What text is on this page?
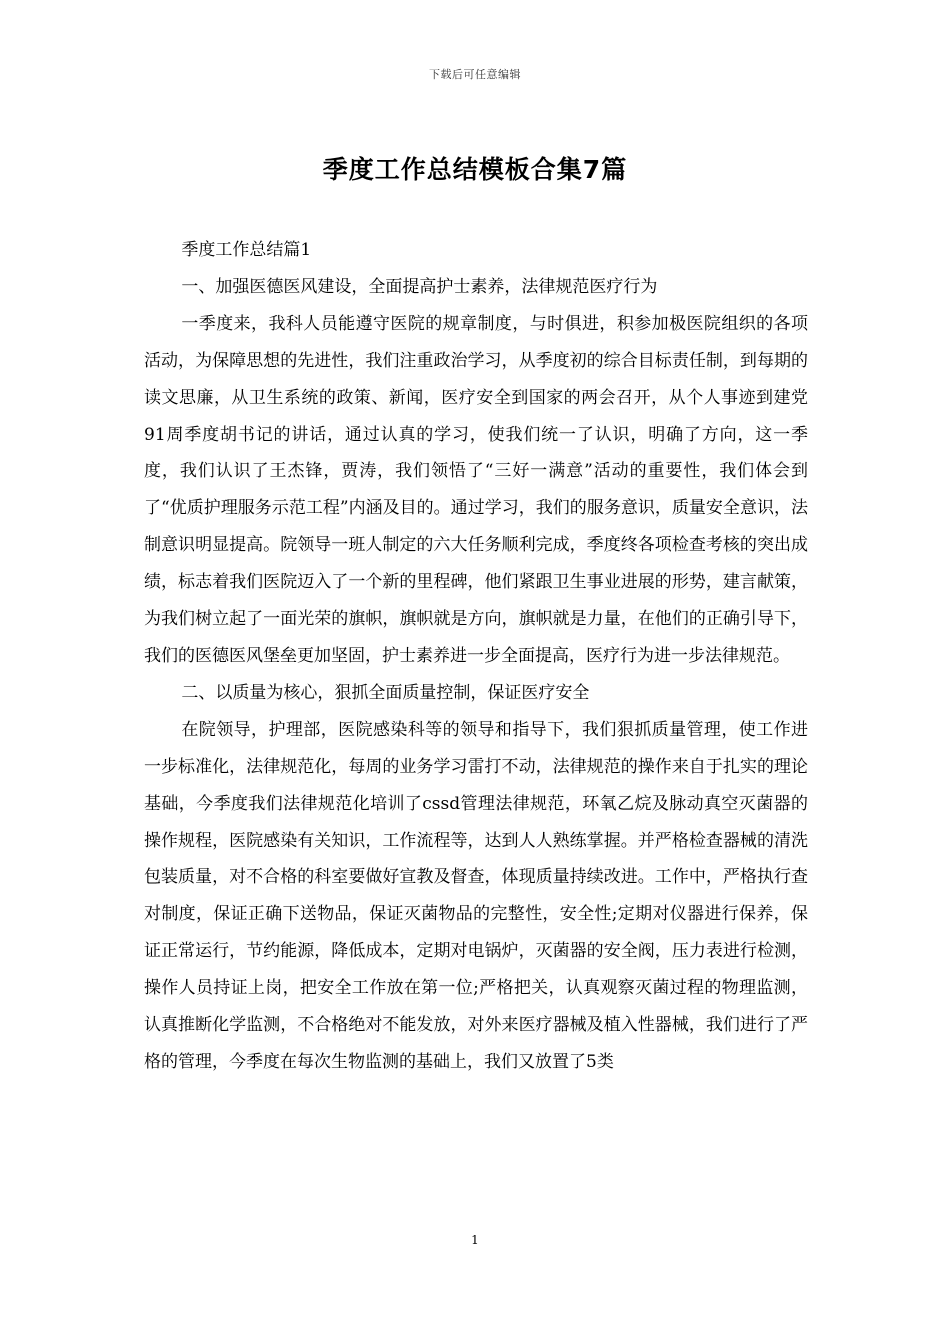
下载后可任意编辑
季度工作总结模板合集7篇

季度工作总结篇1

一、加强医德医风建设，全面提高护士素养，法律规范医疗行为

一季度来，我科人员能遵守医院的规章制度，与时俱进，积参加极医院组织的各项活动，为保障思想的先进性，我们注重政治学习，从季度初的综合目标责任制，到每期的读文思廉，从卫生系统的政策、新闻，医疗安全到国家的两会召开，从个人事迹到建党91周季度胡书记的讲话，通过认真的学习，使我们统一了认识，明确了方向，这一季度，我们认识了王杰锋，贾涛，我们领悟了“三好一满意”活动的重要性，我们体会到了“优质护理服务示范工程”内涵及目的。通过学习，我们的服务意识，质量安全意识，法制意识明显提高。院领导一班人制定的六大任务顺利完成，季度终各项检查考核的突出成绩，标志着我们医院迈入了一个新的里程碑，他们紧跟卫生事业进展的形势，建言献策，为我们树立起了一面光荣的旗帜，旗帜就是方向，旗帜就是力量，在他们的正确引导下，我们的医德医风堡垒更加坚固，护士素养进一步全面提高，医疗行为进一步法律规范。

二、以质量为核心，狠抓全面质量控制，保证医疗安全

在院领导，护理部，医院感染科等的领导和指导下，我们狠抓质量管理，使工作进一步标准化，法律规范化，每周的业务学习雷打不动，法律规范的操作来自于扎实的理论基础，今季度我们法律规范化培训了cssd管理法律规范，环氧乙烷及脉动真空灭菌器的操作规程，医院感染有关知识，工作流程等，达到人人熟练掌握。并严格检查器械的清洗包装质量，对不合格的科室要做好宣教及督查，体现质量持续改进。工作中，严格执行查对制度，保证正确下送物品，保证灭菌物品的完整性，安全性;定期对仪器进行保养，保证正常运行，节约能源，降低成本，定期对电锅炉，灭菌器的安全阀，压力表进行检测，操作人员持证上岗，把安全工作放在第一位;严格把关，认真观察灭菌过程的物理监测，认真推断化学监测，不合格绝对不能发放，对外来医疗器械及植入性器械，我们进行了严格的管理，今季度在每次生物监测的基础上，我们又放置了5类

1
